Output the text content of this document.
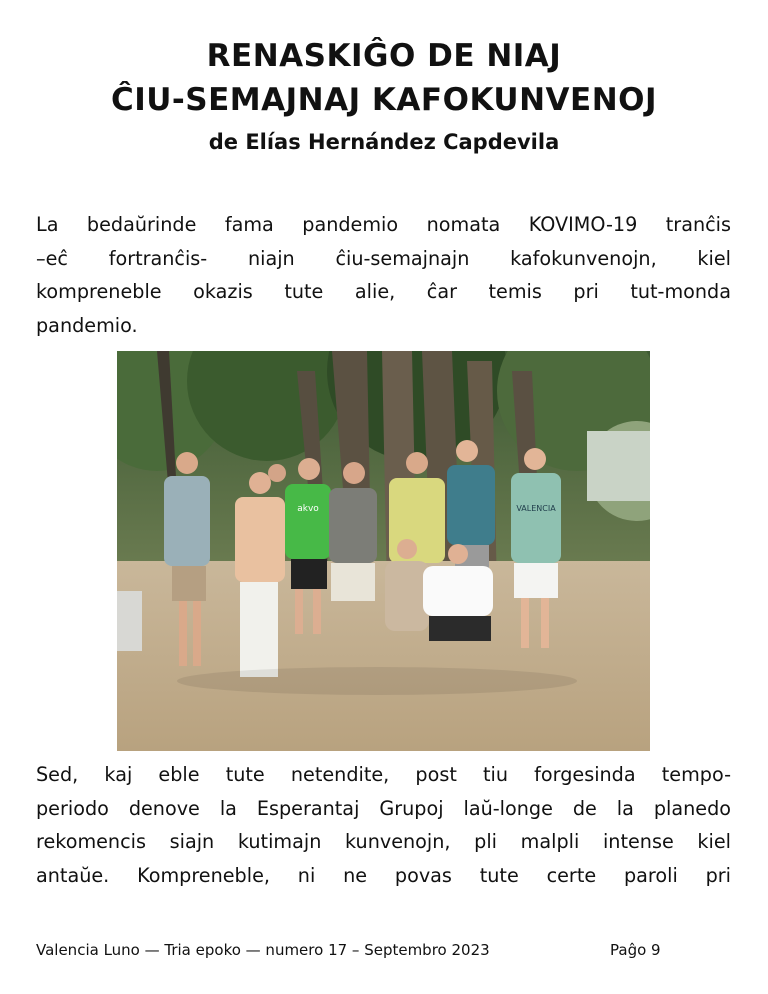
RENASKIĜO DE NIAJ
ĈIU-SEMAJNAJ KAFOKUNVENOJ

de Elías Hernández Capdevila

La bedaŭrinde fama pandemio nomata KOVIMO-19 tranĉis
–eĉ fortranĉis- niajn ĉiu-semajnajn kafokunvenojn, kiel
kompreneble okazis tute alie, ĉar temis pri tut-monda
pandemio.
akvo	VALENCIA
Sed, kaj eble tute netendite, post tiu forgesinda tempo-
periodo denove la Esperantaj Grupoj laŭ-longe de la planedo
rekomencis siajn kutimajn kunvenojn, pli malpli intense kiel
antaŭe. Kompreneble, ni ne povas tute certe paroli pri
Valencia Luno — Tria epoko — numero 17 – Septembro 2023	Paĝo 9
